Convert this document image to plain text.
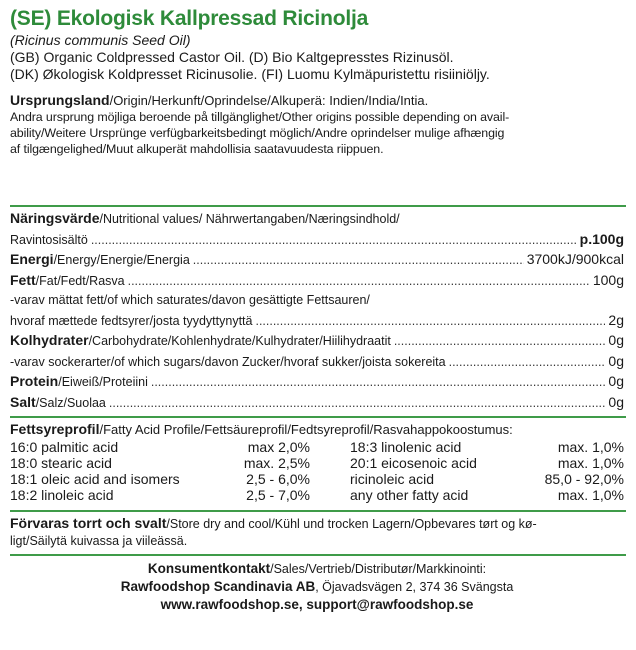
(SE) Ekologisk Kallpressad Ricinolja
(Ricinus communis Seed Oil)
(GB) Organic Coldpressed Castor Oil. (D) Bio Kaltgepresstes Rizinusöl.
(DK) Økologisk Koldpresset Ricinusolie. (FI) Luomu Kylmäpuristettu risiiniöljy.
Ursprungsland/Origin/Herkunft/Oprindelse/Alkuperä: Indien/India/Intia.
Andra ursprung möjliga beroende på tillgänglighet/Other origins possible depending on avail-
ability/Weitere Ursprünge verfügbarkeitsbedingt möglich/Andre oprindelser mulige afhængig
af tilgængelighed/Muut alkuperät mahdollisia saatavuudesta riippuen.
Näringsvärde /Nutritional values/ Nährwertangaben/Næringsindhold/
Ravintosisältö .....	p.100g
Energi /Energy/Energie/Energia .....	3700kJ/900kcal
Fett /Fat/Fedt/Rasva .....	100g
-varav mättat fett/of which saturates/davon gesättigte Fettsauren/
hvoraf mættede fedtsyrer/josta tyydyttynyttä .....	2g
Kolhydrater /Carbohydrate/Kohlenhydrate/Kulhydrater/Hiilihydraatit .....	0g
-varav sockerarter/of which sugars/davon Zucker/hvoraf sukker/joista sokereita .....	0g
Protein /Eiweiß/Proteiini .....	0g
Salt /Salz/Suolaa .....	0g
Fettsyreprofil/Fatty Acid Profile/Fettsäureprofil/Fedtsyreprofil/Rasvahappokoostumus:
16:0 palmitic acid	max 2,0%	18:3 linolenic acid	max. 1,0%
18:0 stearic acid	max. 2,5%	20:1 eicosenoic acid	max. 1,0%
18:1 oleic acid and isomers	2,5 - 6,0%	ricinoleic acid	85,0 - 92,0%
18:2 linoleic acid	2,5 - 7,0%	any other fatty acid	max. 1,0%
Förvaras torrt och svalt/Store dry and cool/Kühl und trocken Lagern/Opbevares tørt og kø-
ligt/Säilytä kuivassa ja viileässä.
Konsumentkontakt/Sales/Vertrieb/Distributør/Markkinointi:
Rawfoodshop Scandinavia AB, Öjavadsvägen 2, 374 36 Svängsta
www.rawfoodshop.se, support@rawfoodshop.se
